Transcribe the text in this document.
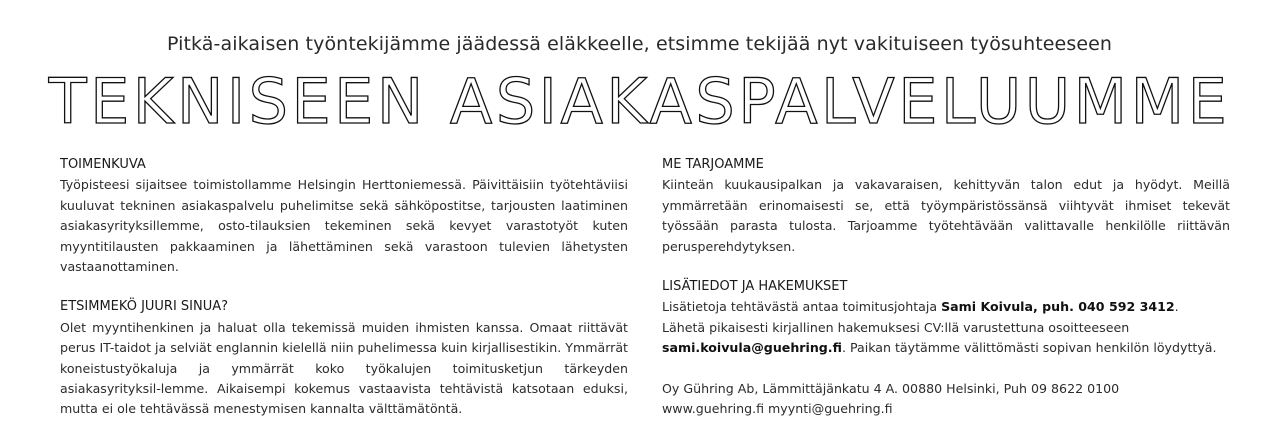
Pitkä-aikaisen työntekijämme jäädessä eläkkeelle, etsimme tekijää nyt vakituiseen työsuhteeseen
TEKNISEEN ASIAKASPALVELUUMME
TOIMENKUVA
Työpisteesi sijaitsee toimistollamme Helsingin Herttoniemessä. Päivittäisiin työtehtäviisi kuuluvat tekninen asiakaspalvelu puhelimitse sekä sähköpostitse, tarjousten laatiminen asiakasyrityksillemme, osto-tilauksien tekeminen sekä kevyet varastotyöt kuten myyntitilausten pakkaaminen ja lähettäminen sekä varastoon tulevien lähetysten vastaanottaminen.
ETSIMMEKÖ JUURI SINUA?
Olet myyntihenkinen ja haluat olla tekemissä muiden ihmisten kanssa. Omaat riittävät perus IT-taidot ja selviät englannin kielellä niin puhelimessa kuin kirjallisestikin. Ymmärrät koneistustyökaluja ja ymmärrät koko työkalujen toimitusketjun tärkeyden asiakasyrityksil-lemme. Aikaisempi kokemus vastaavista tehtävistä katsotaan eduksi, mutta ei ole tehtävässä menestymisen kannalta välttämätöntä.
ME TARJOAMME
Kiinteän kuukausipalkan ja vakavaraisen, kehittyvän talon edut ja hyödyt. Meillä ymmärretään erinomaisesti se, että työympäristössänsä viihtyvät ihmiset tekevät työssään parasta tulosta. Tarjoamme työtehtävään valittavalle henkilölle riittävän perusperehdytyksen.
LISÄTIEDOT JA HAKEMUKSET
Lisätietoja tehtävästä antaa toimitusjohtaja Sami Koivula, puh. 040 592 3412.
Lähetä pikaisesti kirjallinen hakemuksesi CV:llä varustettuna osoitteeseen
sami.koivula@guehring.fi. Paikan täytämme välittömästi sopivan henkilön löydyttyä.
Oy Gühring Ab, Lämmittäjänkatu 4 A. 00880 Helsinki, Puh 09 8622 0100
www.guehring.fi myynti@guehring.fi
